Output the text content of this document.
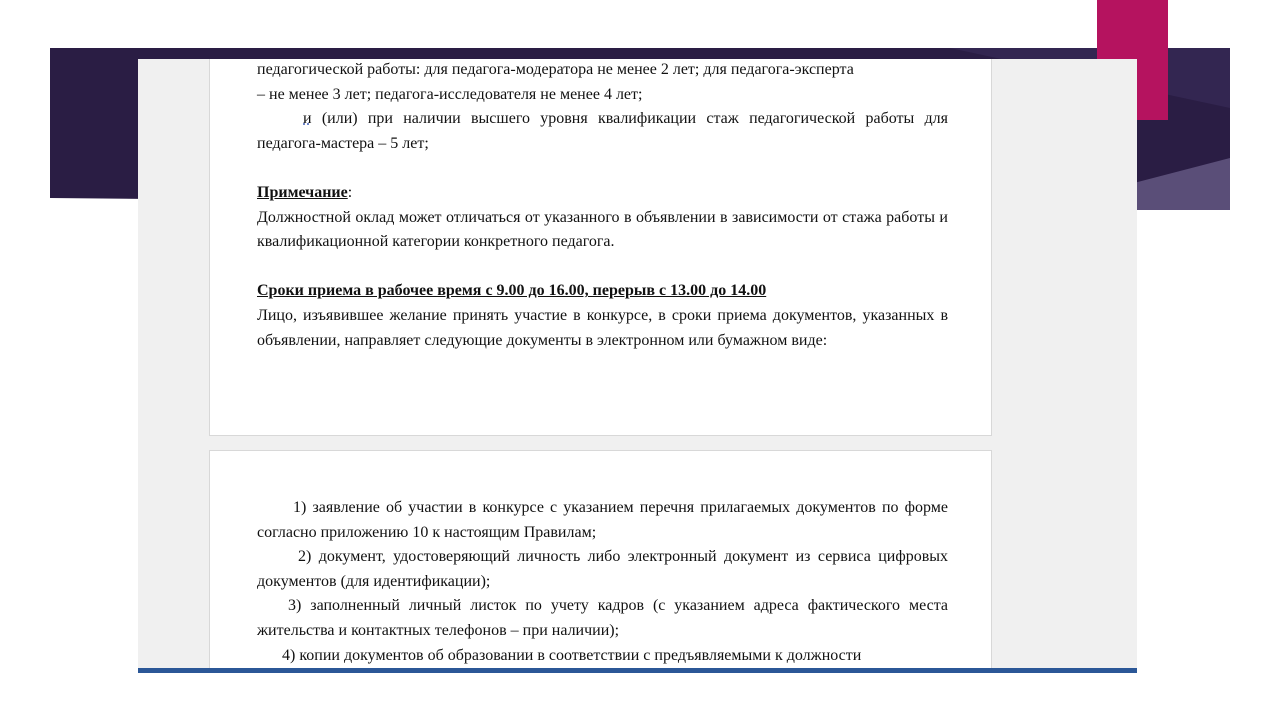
педагогической работы: для педагога-модератора не менее 2 лет; для педагога-эксперта

– не менее 3 лет; педагога-исследователя не менее 4 лет;

и (или) при наличии высшего уровня квалификации стаж педагогической работы для педагога-мастера – 5 лет;

Примечание:

Должностной оклад может отличаться от указанного в объявлении в зависимости от стажа работы и квалификационной категории конкретного педагога.

Сроки приема в рабочее время с 9.00 до 16.00, перерыв с 13.00 до 14.00

Лицо, изъявившее желание принять участие в конкурсе, в сроки приема документов, указанных в объявлении, направляет следующие документы в электронном или бумажном виде:

1) заявление об участии в конкурсе с указанием перечня прилагаемых документов по форме согласно приложению 10 к настоящим Правилам;

2) документ, удостоверяющий личность либо электронный документ из сервиса цифровых документов (для идентификации);

3) заполненный личный листок по учету кадров (с указанием адреса фактического места жительства и контактных телефонов – при наличии);

4) копии документов об образовании в соответствии с предъявляемыми к должности
